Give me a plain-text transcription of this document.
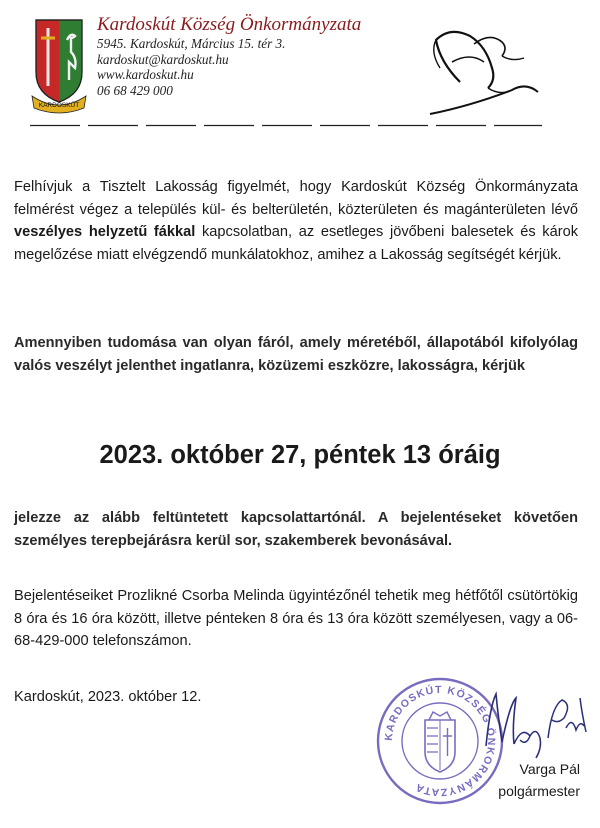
KARDOSKÚT
Kardoskút Község Önkormányzata
5945. Kardoskút, Március 15. tér 3.
kardoskut@kardoskut.hu
www.kardoskut.hu
06 68 429 000

Felhívjuk a Tisztelt Lakosság figyelmét, hogy Kardoskút Község Önkormányzata felmérést végez a település kül- és belterületén, közterületen és magánterületen lévő veszélyes helyzetű fákkal kapcsolatban, az esetleges jövőbeni balesetek és károk megelőzése miatt elvégzendő munkálatokhoz, amihez a Lakosság segítségét kérjük.

Amennyiben tudomása van olyan fáról, amely méretéből, állapotából kifolyólag valós veszélyt jelenthet ingatlanra, közüzemi eszközre, lakosságra, kérjük

2023. október 27, péntek 13 óráig

jelezze az alább feltüntetett kapcsolattartónál. A bejelentéseket követően személyes terepbejárásra kerül sor, szakemberek bevonásával.

Bejelentéseiket Prozlikné Csorba Melinda ügyintézőnél tehetik meg hétfőtől csütörtökig 8 óra és 16 óra között, illetve pénteken 8 óra és 13 óra között személyesen, vagy a 06-68-429-000 telefonszámon.

Kardoskút, 2023. október 12.

KARDOSKÚT KÖZSÉG ÖNKORMÁNYZATA
Varga Pál
polgármester
